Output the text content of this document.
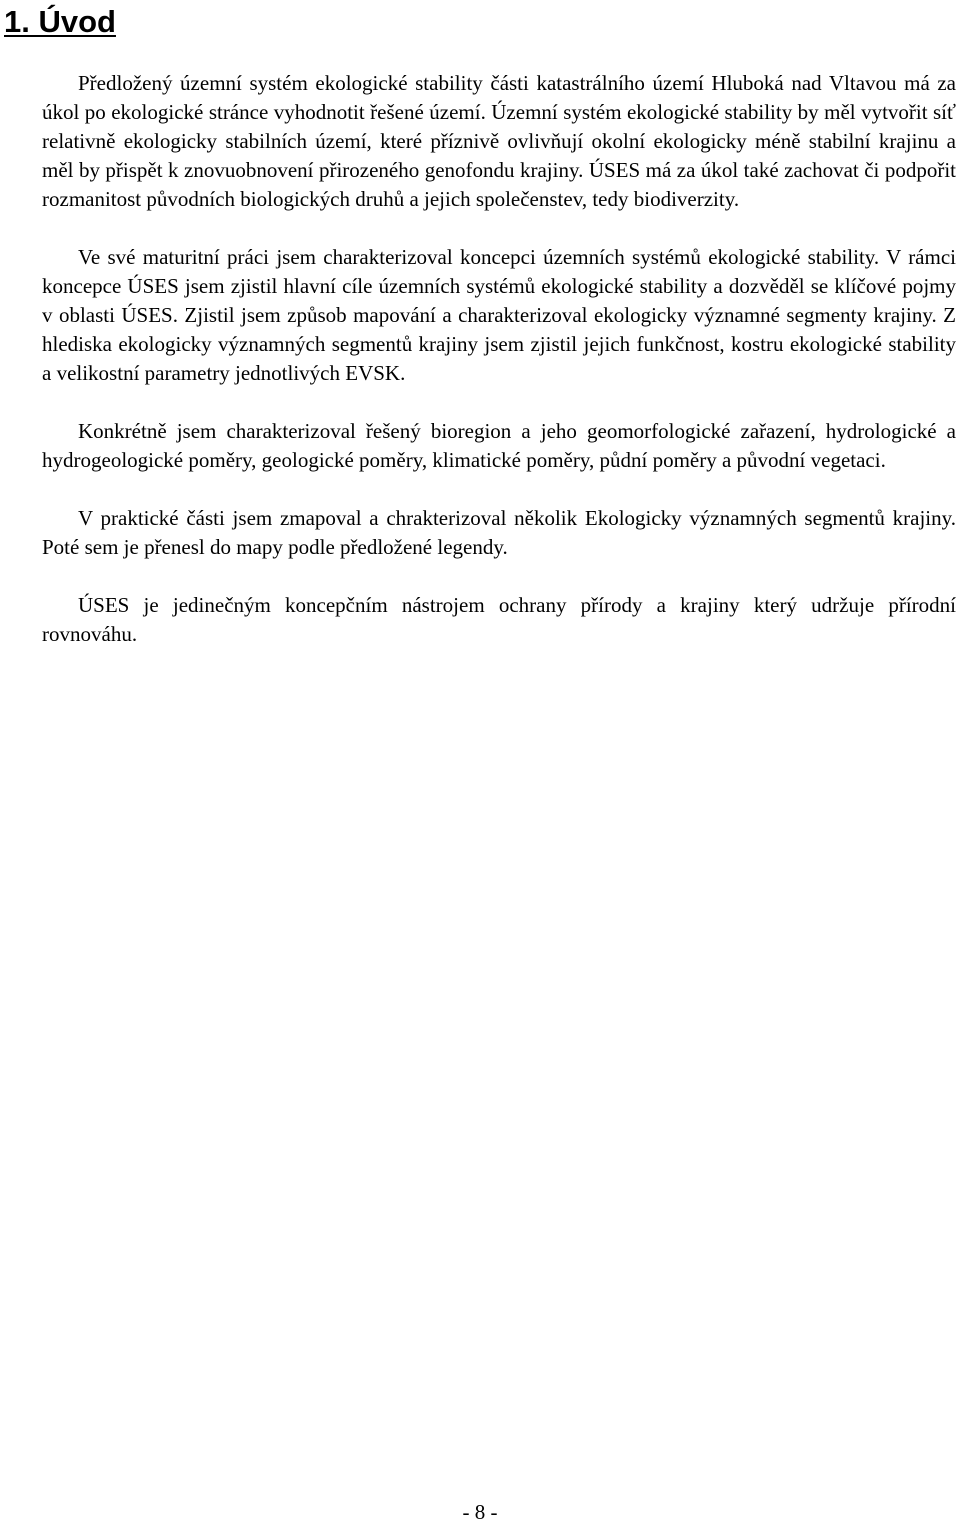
1. Úvod

Předložený územní systém ekologické stability části katastrálního území Hluboká nad Vltavou má za úkol po ekologické stránce vyhodnotit řešené území. Územní systém ekologické stability by měl vytvořit síť relativně ekologicky stabilních území, které příznivě ovlivňují okolní ekologicky méně stabilní krajinu a měl by přispět k znovuobnovení přirozeného genofondu krajiny. ÚSES má za úkol také zachovat či podpořit rozmanitost původních biologických druhů a jejich společenstev, tedy biodiverzity.

Ve své maturitní práci jsem charakterizoval koncepci územních systémů ekologické stability. V rámci koncepce ÚSES jsem zjistil hlavní cíle územních systémů ekologické stability a dozvěděl se klíčové pojmy v oblasti ÚSES. Zjistil jsem způsob mapování a charakterizoval ekologicky významné segmenty krajiny. Z hlediska ekologicky významných segmentů krajiny jsem zjistil jejich funkčnost, kostru ekologické stability a velikostní parametry jednotlivých EVSK.

Konkrétně jsem charakterizoval řešený bioregion a jeho geomorfologické zařazení, hydrologické a hydrogeologické poměry, geologické poměry, klimatické poměry, půdní poměry a původní vegetaci.

V praktické části jsem zmapoval a chrakterizoval několik Ekologicky významných segmentů krajiny. Poté sem je přenesl do mapy podle předložené legendy.

ÚSES je jedinečným koncepčním nástrojem ochrany přírody a krajiny který udržuje přírodní rovnováhu.

- 8 -
